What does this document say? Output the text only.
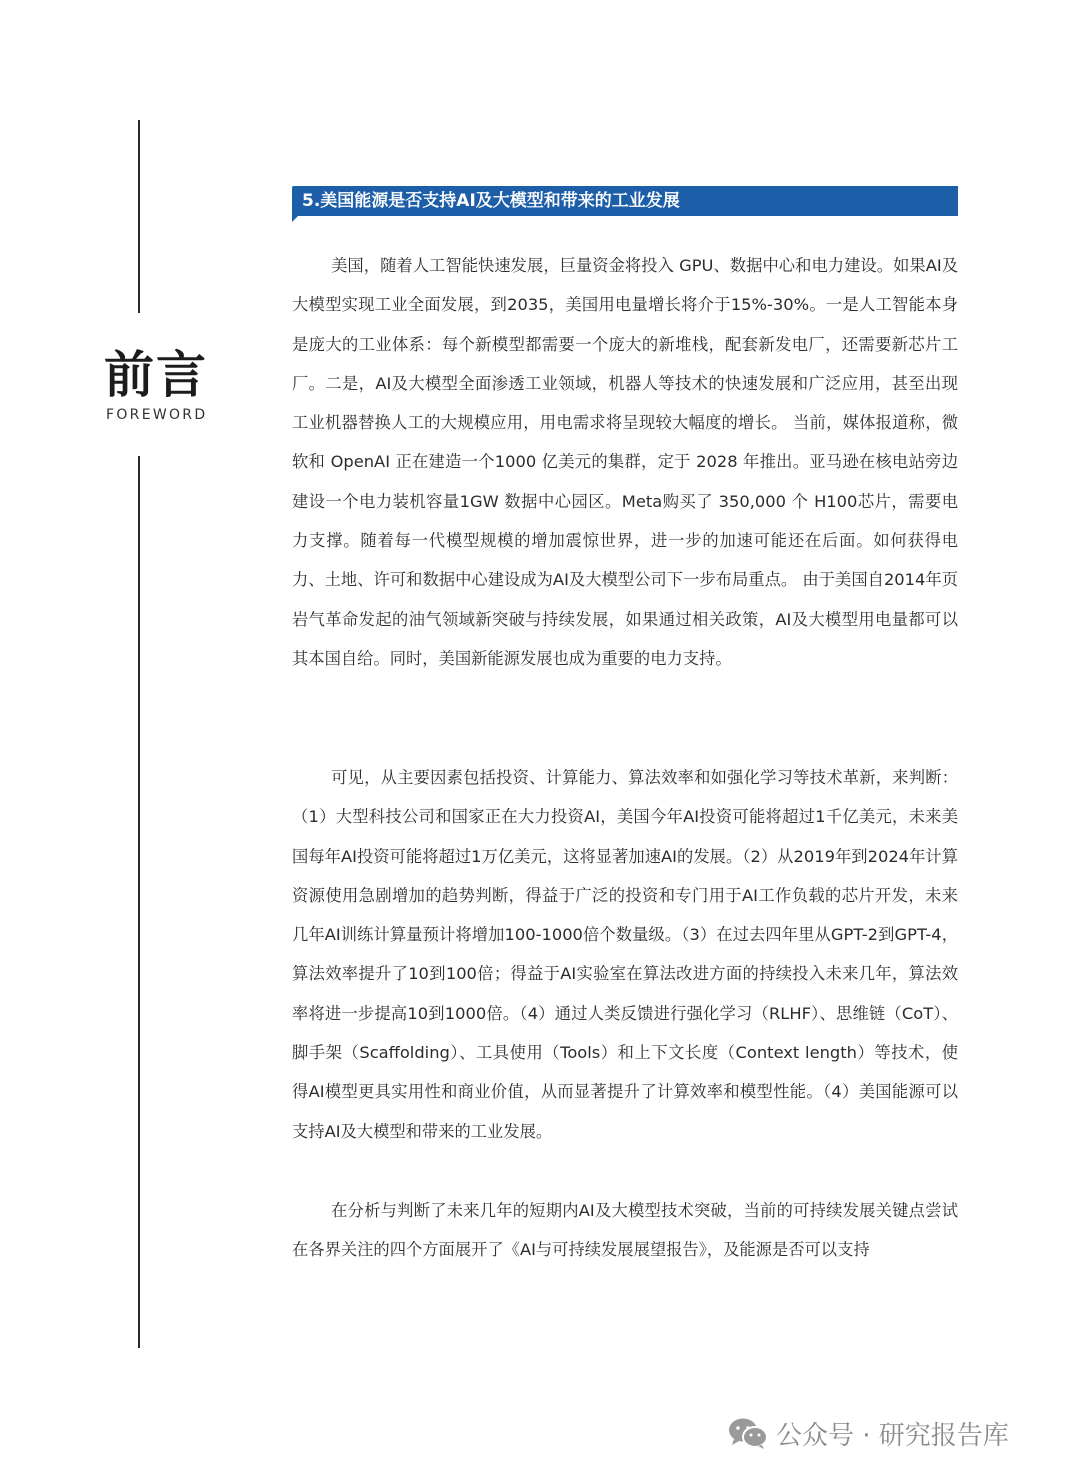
前言
FOREWORD
5.美国能源是否支持AI及大模型和带来的工业发展

美国，随着人工智能快速发展，巨量资金将投入 GPU、数据中心和电力建设。如果AI及大模型实现工业全面发展，到2035，美国用电量增长将介于15%-30%。一是人工智能本身是庞大的工业体系：每个新模型都需要一个庞大的新堆栈，配套新发电厂，还需要新芯片工厂。二是，AI及大模型全面渗透工业领域，机器人等技术的快速发展和广泛应用，甚至出现工业机器替换人工的大规模应用，用电需求将呈现较大幅度的增长。 当前，媒体报道称，微软和 OpenAI 正在建造一个1000 亿美元的集群，定于 2028 年推出。亚马逊在核电站旁边建设一个电力装机容量1GW 数据中心园区。Meta购买了 350,000 个 H100芯片，需要电力支撑。随着每一代模型规模的增加震惊世界，进一步的加速可能还在后面。如何获得电力、土地、许可和数据中心建设成为AI及大模型公司下一步布局重点。 由于美国自2014年页岩气革命发起的油气领域新突破与持续发展，如果通过相关政策，AI及大模型用电量都可以其本国自给。同时，美国新能源发展也成为重要的电力支持。

可见，从主要因素包括投资、计算能力、算法效率和如强化学习等技术革新，来判断：（1）大型科技公司和国家正在大力投资AI，美国今年AI投资可能将超过1千亿美元，未来美国每年AI投资可能将超过1万亿美元，这将显著加速AI的发展。（2）从2019年到2024年计算资源使用急剧增加的趋势判断，得益于广泛的投资和专门用于AI工作负载的芯片开发，未来几年AI训练计算量预计将增加100-1000倍个数量级。（3）在过去四年里从GPT-2到GPT-4，算法效率提升了10到100倍；得益于AI实验室在算法改进方面的持续投入未来几年，算法效率将进一步提高10到1000倍。（4）通过人类反馈进行强化学习（RLHF）、思维链（CoT）、脚手架（Scaffolding）、工具使用（Tools）和上下文长度（Context length）等技术，使得AI模型更具实用性和商业价值，从而显著提升了计算效率和模型性能。（4）美国能源可以支持AI及大模型和带来的工业发展。

在分析与判断了未来几年的短期内AI及大模型技术突破，当前的可持续发展关键点尝试在各界关注的四个方面展开了《AI与可持续发展展望报告》，及能源是否可以支持

公众号 · 研究报告库
